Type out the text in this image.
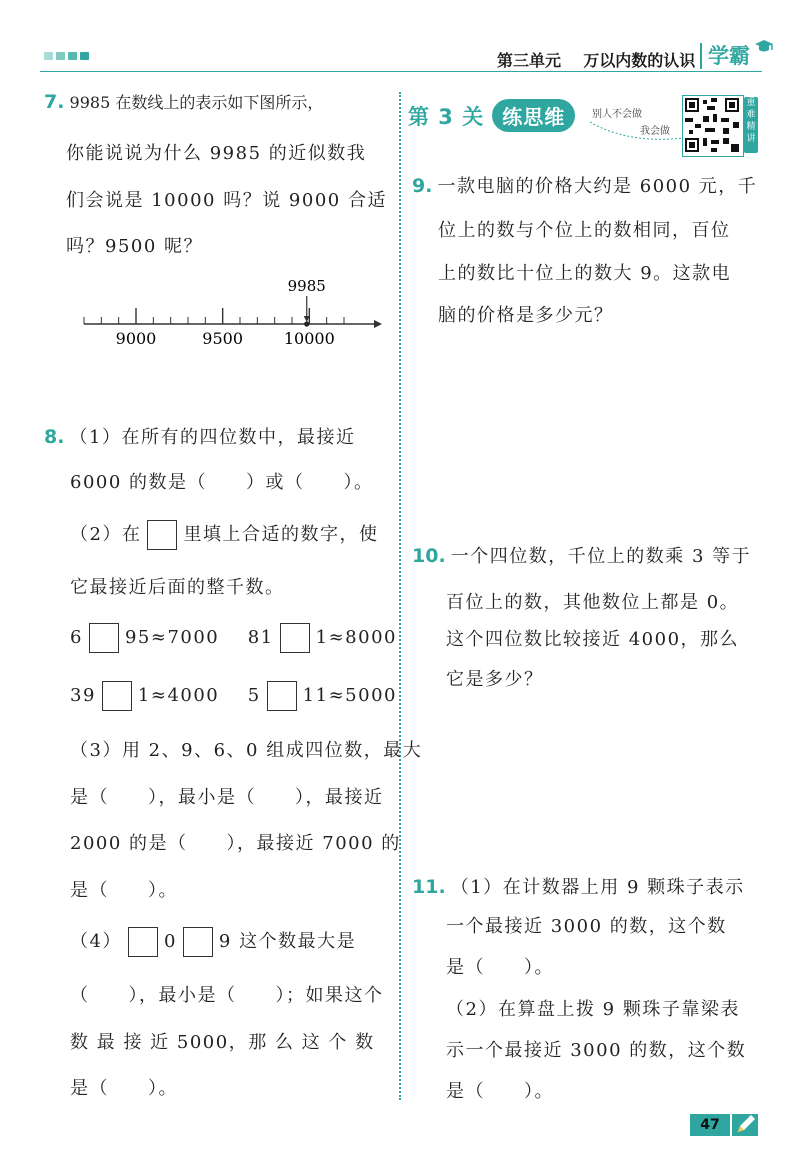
第三单元    万以内数的认识 学霸
7. 9985 在数线上的表示如下图所示，
你能说说为什么 9985 的近似数我
们会说是 10000 吗？说 9000 合适
吗？9500 呢？
9000	9500	10000
9985
8. （1）在所有的四位数中，最接近
6000 的数是（　　）或（　　）。
（2）在 里填上合适的数字，使
它最接近后面的整千数。
6 95≈7000 81 1≈8000
39 1≈4000 5 11≈5000
（3）用 2、9、6、0 组成四位数，最大
是（　　），最小是（　　），最接近
2000 的是（　　），最接近 7000 的
是（　　）。
（4） 0 9 这个数最大是
（　　），最小是（　　）；如果这个
数 最 接 近 5000，那 么 这 个 数
是（　　）。
第 3 关 练思维	别人不会做
我会做
重难精讲
9. 一款电脑的价格大约是 6000 元，千
位上的数与个位上的数相同，百位
上的数比十位上的数大 9。这款电
脑的价格是多少元？
10. 一个四位数，千位上的数乘 3 等于
百位上的数，其他数位上都是 0。
这个四位数比较接近 4000，那么
它是多少？
11. （1）在计数器上用 9 颗珠子表示
一个最接近 3000 的数，这个数
是（　　）。
（2）在算盘上拨 9 颗珠子靠梁表
示一个最接近 3000 的数，这个数
是（　　）。
47
